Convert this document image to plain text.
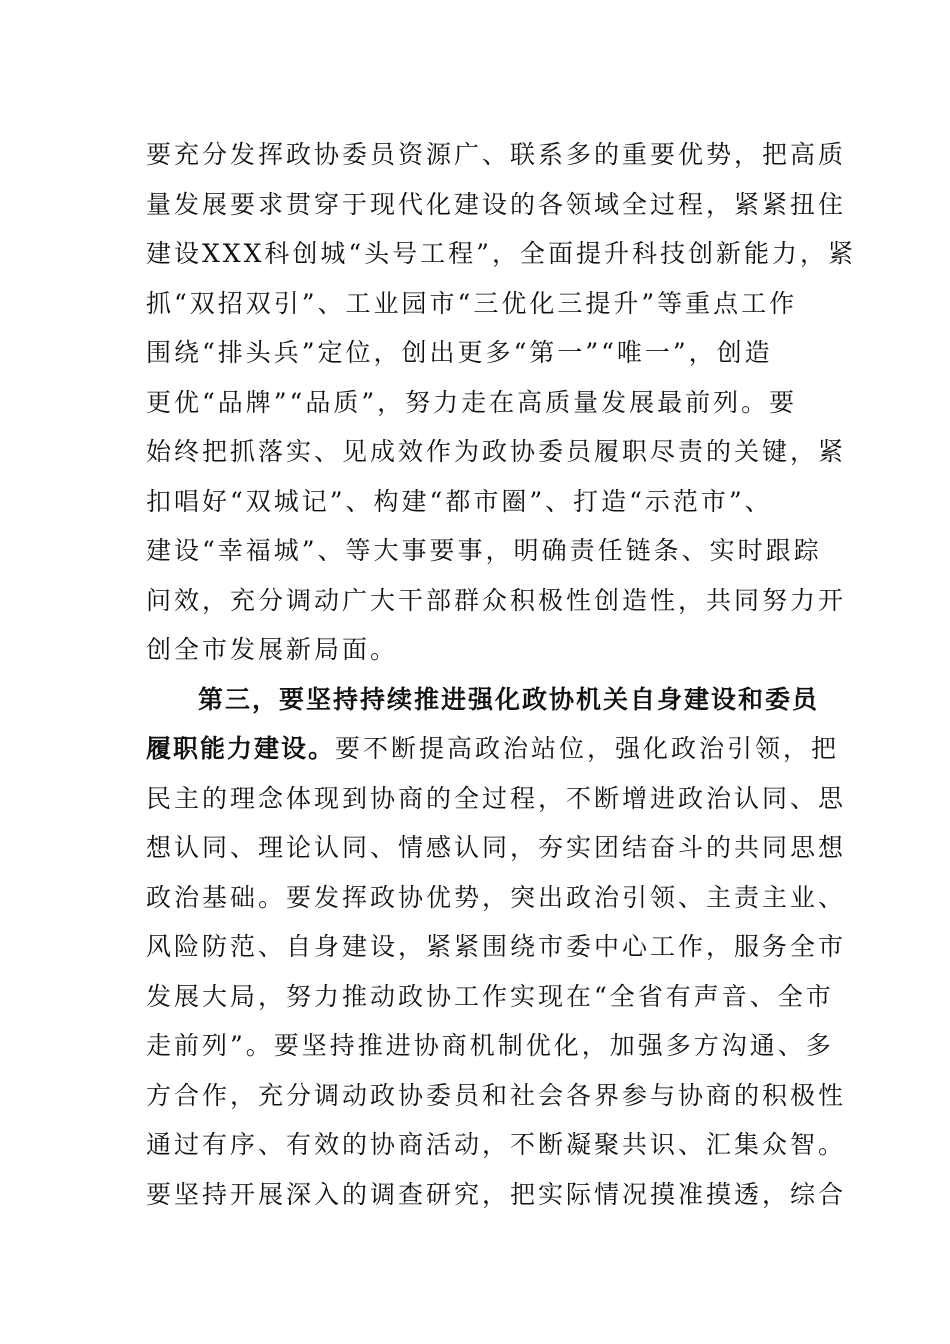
要充分发挥政协委员资源广、联系多的重要优势，把高质
量发展要求贯穿于现代化建设的各领域全过程，紧紧扭住
建设XXX科创城“头号工程”，全面提升科技创新能力，紧
抓“双招双引”、工业园市“三优化三提升”等重点工作
围绕“排头兵”定位，创出更多“第一”“唯一”，创造
更优“品牌”“品质”，努力走在高质量发展最前列。要
始终把抓落实、见成效作为政协委员履职尽责的关键，紧
扣唱好“双城记”、构建“都市圈”、打造“示范市”、
建设“幸福城”、等大事要事，明确责任链条、实时跟踪
问效，充分调动广大干部群众积极性创造性，共同努力开
创全市发展新局面。
第三，要坚持持续推进强化政协机关自身建设和委员
履职能力建设。要不断提高政治站位，强化政治引领，把
民主的理念体现到协商的全过程，不断增进政治认同、思
想认同、理论认同、情感认同，夯实团结奋斗的共同思想
政治基础。要发挥政协优势，突出政治引领、主责主业、
风险防范、自身建设，紧紧围绕市委中心工作，服务全市
发展大局，努力推动政协工作实现在“全省有声音、全市
走前列”。要坚持推进协商机制优化，加强多方沟通、多
方合作，充分调动政协委员和社会各界参与协商的积极性
通过有序、有效的协商活动，不断凝聚共识、汇集众智。
要坚持开展深入的调查研究，把实际情况摸准摸透，综合
